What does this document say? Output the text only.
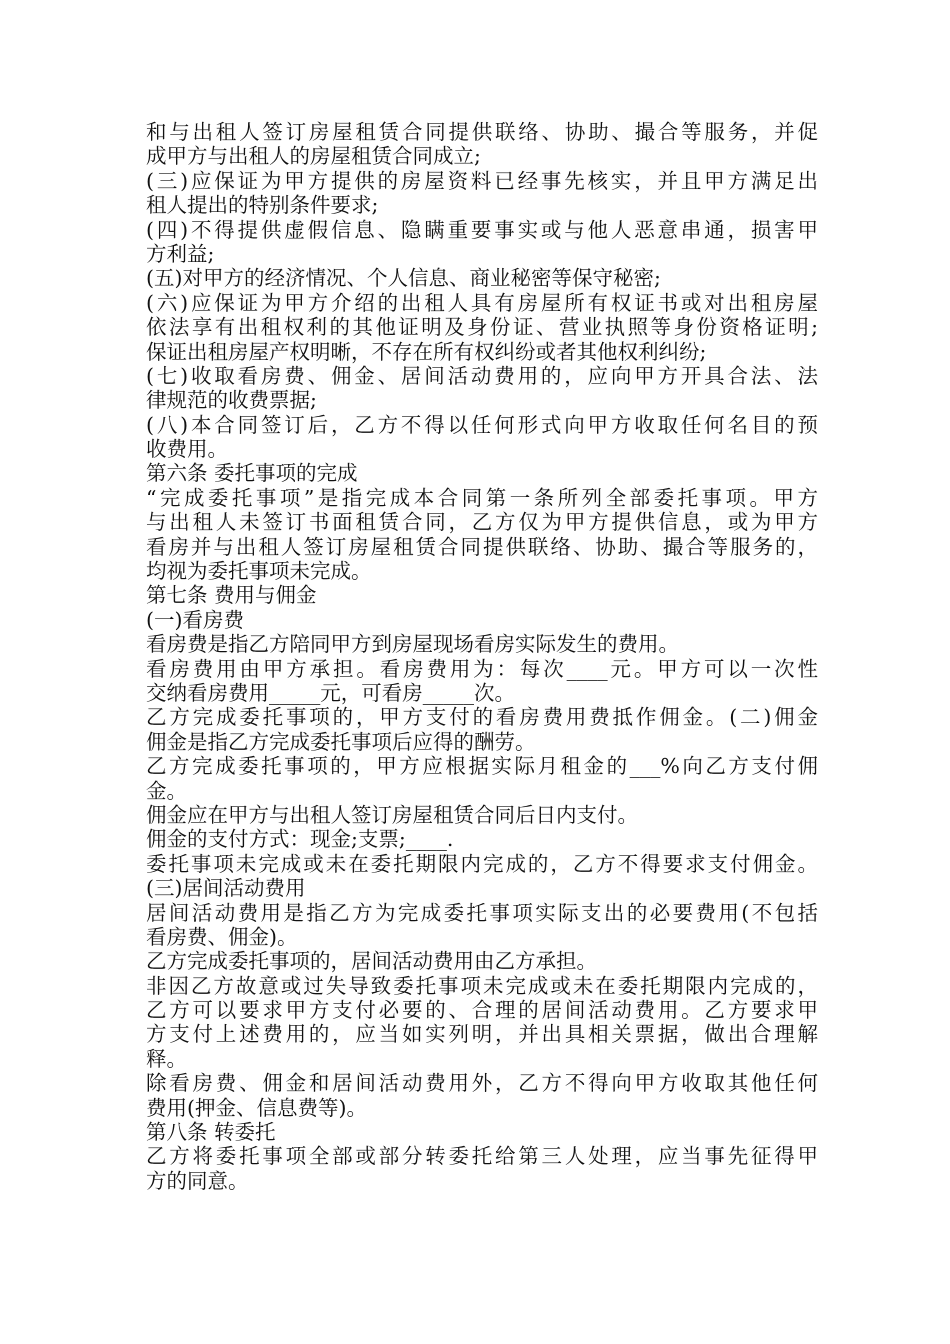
和与出租人签订房屋租赁合同提供联络、协助、撮合等服务，并促
成甲方与出租人的房屋租赁合同成立;
(三)应保证为甲方提供的房屋资料已经事先核实，并且甲方满足出
租人提出的特别条件要求;
(四)不得提供虚假信息、隐瞒重要事实或与他人恶意串通，损害甲
方利益;
(五)对甲方的经济情况、个人信息、商业秘密等保守秘密;
(六)应保证为甲方介绍的出租人具有房屋所有权证书或对出租房屋
依法享有出租权利的其他证明及身份证、营业执照等身份资格证明;
保证出租房屋产权明晰，不存在所有权纠纷或者其他权利纠纷;
(七)收取看房费、佣金、居间活动费用的，应向甲方开具合法、法
律规范的收费票据;
(八)本合同签订后，乙方不得以任何形式向甲方收取任何名目的预
收费用。
第六条 委托事项的完成
“完成委托事项”是指完成本合同第一条所列全部委托事项。甲方
与出租人未签订书面租赁合同，乙方仅为甲方提供信息，或为甲方
看房并与出租人签订房屋租赁合同提供联络、协助、撮合等服务的，
均视为委托事项未完成。
第七条 费用与佣金
(一)看房费
看房费是指乙方陪同甲方到房屋现场看房实际发生的费用。
看房费用由甲方承担。看房费用为：每次____元。甲方可以一次性
交纳看房费用_____元，可看房_____次。
乙方完成委托事项的，甲方支付的看房费用费抵作佣金。(二)佣金
佣金是指乙方完成委托事项后应得的酬劳。
乙方完成委托事项的，甲方应根据实际月租金的___%向乙方支付佣
金。
佣金应在甲方与出租人签订房屋租赁合同后日内支付。
佣金的支付方式：现金;支票;____.
委托事项未完成或未在委托期限内完成的，乙方不得要求支付佣金。
(三)居间活动费用
居间活动费用是指乙方为完成委托事项实际支出的必要费用(不包括
看房费、佣金)。
乙方完成委托事项的，居间活动费用由乙方承担。
非因乙方故意或过失导致委托事项未完成或未在委托期限内完成的，
乙方可以要求甲方支付必要的、合理的居间活动费用。乙方要求甲
方支付上述费用的，应当如实列明，并出具相关票据，做出合理解
释。
除看房费、佣金和居间活动费用外，乙方不得向甲方收取其他任何
费用(押金、信息费等)。
第八条 转委托
乙方将委托事项全部或部分转委托给第三人处理，应当事先征得甲
方的同意。
